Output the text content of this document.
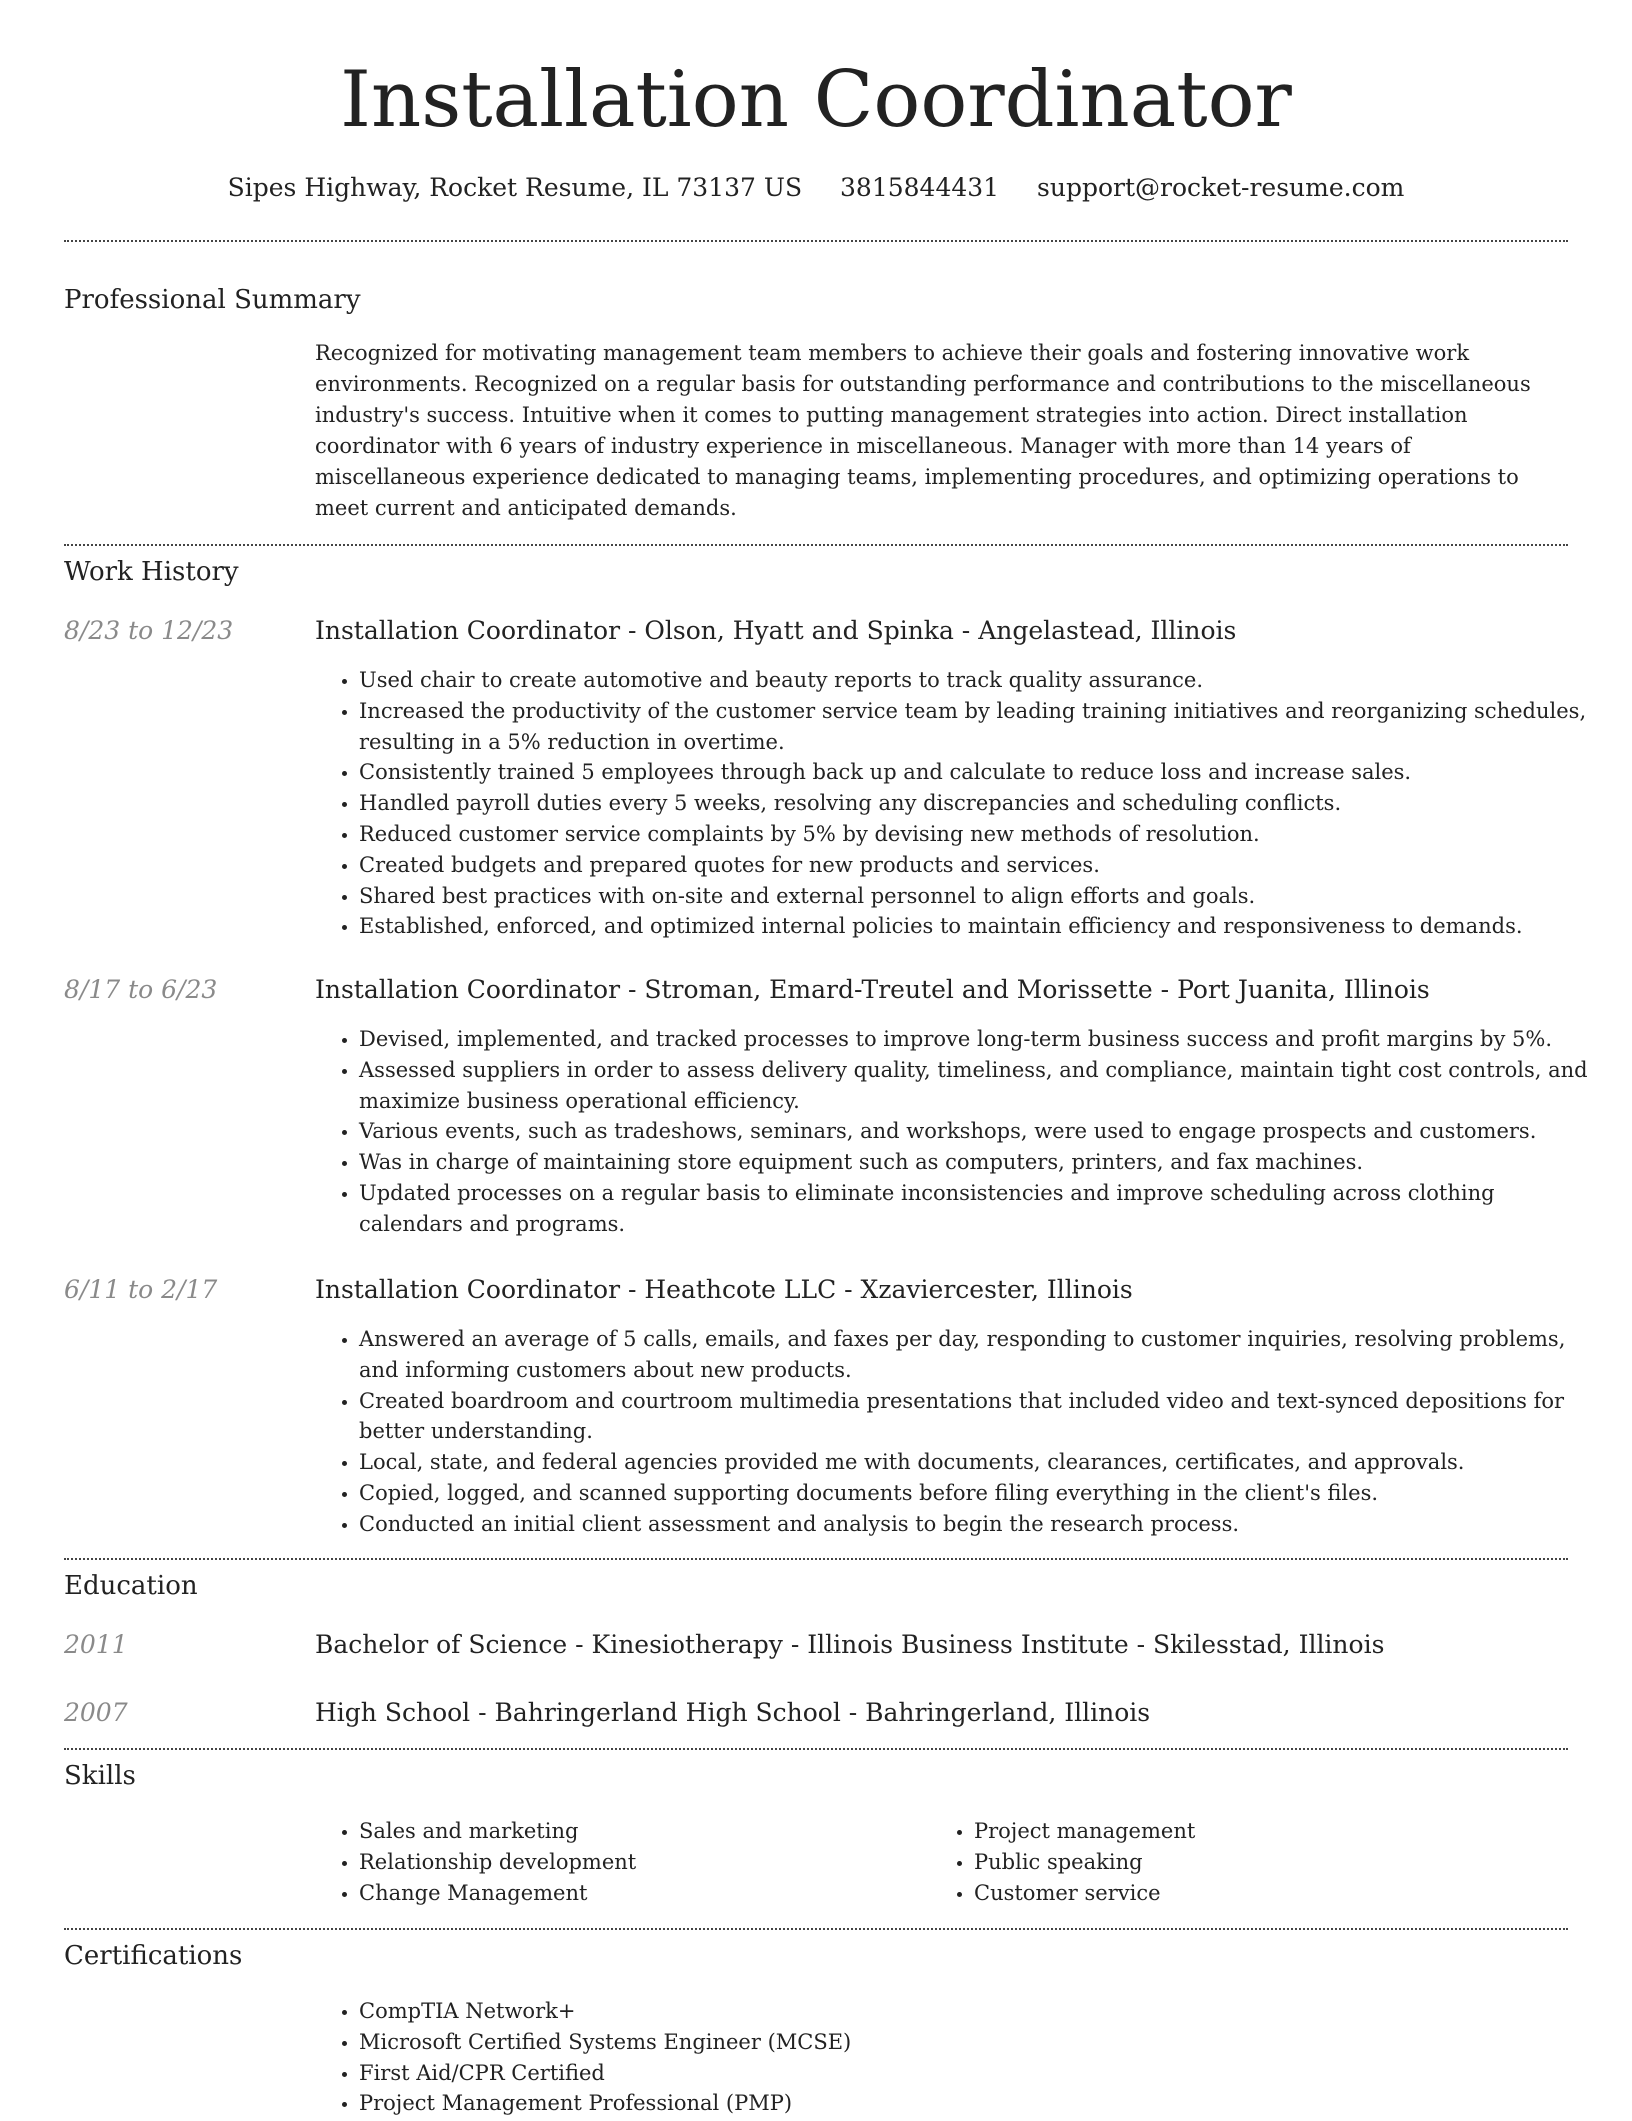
Installation Coordinator
Sipes Highway, Rocket Resume, IL 73137 US 3815844431 support@rocket-resume.com
Professional Summary
Recognized for motivating management team members to achieve their goals and fostering innovative work environments. Recognized on a regular basis for outstanding performance and contributions to the miscellaneous industry's success. Intuitive when it comes to putting management strategies into action. Direct installation coordinator with 6 years of industry experience in miscellaneous. Manager with more than 14 years of miscellaneous experience dedicated to managing teams, implementing procedures, and optimizing operations to meet current and anticipated demands.
Work History
8/23 to 12/23	Installation Coordinator - Olson, Hyatt and Spinka - Angelastead, Illinois
• Used chair to create automotive and beauty reports to track quality assurance.
• Increased the productivity of the customer service team by leading training initiatives and reorganizing schedules, resulting in a 5% reduction in overtime.
• Consistently trained 5 employees through back up and calculate to reduce loss and increase sales.
• Handled payroll duties every 5 weeks, resolving any discrepancies and scheduling conflicts.
• Reduced customer service complaints by 5% by devising new methods of resolution.
• Created budgets and prepared quotes for new products and services.
• Shared best practices with on-site and external personnel to align efforts and goals.
• Established, enforced, and optimized internal policies to maintain efficiency and responsiveness to demands.
8/17 to 6/23	Installation Coordinator - Stroman, Emard-Treutel and Morissette - Port Juanita, Illinois
• Devised, implemented, and tracked processes to improve long-term business success and profit margins by 5%.
• Assessed suppliers in order to assess delivery quality, timeliness, and compliance, maintain tight cost controls, and maximize business operational efficiency.
• Various events, such as tradeshows, seminars, and workshops, were used to engage prospects and customers.
• Was in charge of maintaining store equipment such as computers, printers, and fax machines.
• Updated processes on a regular basis to eliminate inconsistencies and improve scheduling across clothing calendars and programs.
6/11 to 2/17	Installation Coordinator - Heathcote LLC - Xzaviercester, Illinois
• Answered an average of 5 calls, emails, and faxes per day, responding to customer inquiries, resolving problems, and informing customers about new products.
• Created boardroom and courtroom multimedia presentations that included video and text-synced depositions for better understanding.
• Local, state, and federal agencies provided me with documents, clearances, certificates, and approvals.
• Copied, logged, and scanned supporting documents before filing everything in the client's files.
• Conducted an initial client assessment and analysis to begin the research process.
Education
2011	Bachelor of Science - Kinesiotherapy - Illinois Business Institute - Skilesstad, Illinois
2007	High School - Bahringerland High School - Bahringerland, Illinois
Skills
• Sales and marketing
• Relationship development
• Change Management
• Project management
• Public speaking
• Customer service
Certifications
• CompTIA Network+
• Microsoft Certified Systems Engineer (MCSE)
• First Aid/CPR Certified
• Project Management Professional (PMP)
